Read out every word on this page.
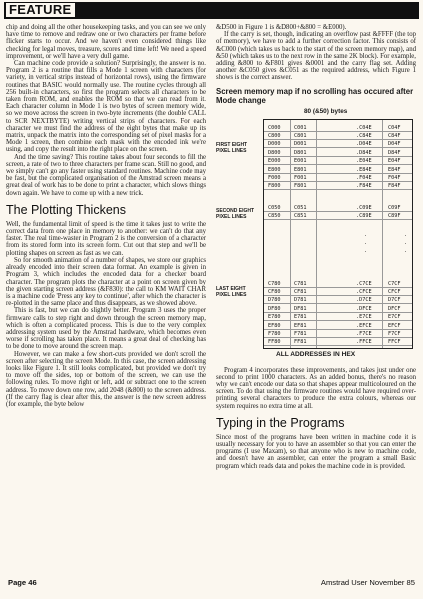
FEATURE

chip and doing all the other housekeeping tasks, and you can see we only have time to remove and redraw one or two characters per frame before flicker starts to occur. And we haven't even considered things like checking for legal moves, treasure, scores and time left! We need a speed improvement, or we'll have a very dull game.

Can machine code provide a solution? Surprisingly, the answer is no. Program 2 is a routine that fills a Mode 1 screen with characters (for variety, in vertical strips instead of horizontal rows), using the firmware routines that BASIC would normally use. The routine cycles through all 256 built-in characters, so first the program selects all characters to be taken from ROM, and enables the ROM so that we can read from it. Each character column in Mode 1 is two bytes of screen memory wide, so we move across the screen in two-byte increments (the double CALL to SCR NEXTBYTE) writing vertical strips of characters. For each character we must find the address of the eight bytes that make up its matrix, unpack the matrix into the corresponding set of pixel masks for a Mode 1 screen, then combine each mask with the encoded ink we're using, and copy the result into the right place on the screen.

And the time saving? This routine takes about four seconds to fill the screen, a rate of two to three characters per frame scan. Still no good, and we simply can't go any faster using standard routines. Machine code may be fast, but the complicated organisation of the Amstrad screen means a great deal of work has to be done to print a character, which slows things down again. We have to come up with a new trick.

The Plotting Thickens

Well, the fundamental limit of speed is the time it takes just to write the correct data from one place in memory to another: we can't do that any faster. The real time-waster in Program 2 is the conversion of a character from its stored form into its screen form. Cut out that step and we'll be plotting shapes on screen as fast as we can.

So for smooth animation of a number of shapes, we store our graphics already encoded into their screen data format. An example is given in Program 3, which includes the encoded data for a checker board character. The program plots the character at a point on screen given by the given starting screen address (&F830): the call to KM WAIT CHAR is a machine code 'Press any key to continue', after which the character is re-plotted in the same place and thus disappears, as we showed above.

This is fast, but we can do slightly better. Program 3 uses the proper firmware calls to step right and down through the screen memory map, which is often a complicated process. This is due to the very complex addressing system used by the Amstrad hardware, which becomes even worse if scrolling has taken place. It means a great deal of checking has to be done to move around the screen map.

However, we can make a few short-cuts provided we don't scroll the screen after selecting the screen Mode. In this case, the screen addressing looks like Figure 1. It still looks complicated, but provided we don't try to move off the sides, top or bottom of the screen, we can use the following rules. To move right or left, add or subtract one to the screen address. To move down one row, add 2048 (&800) to the screen address. (If the carry flag is clear after this, the answer is the new screen address (for example, the byte below

&D500 in Figure 1 is &D800+&800 = &E000).

If the carry is set, though, indicating an overflow past &FFFF (the top of memory), we have to add a further correction factor. This consists of &C000 (which takes us back to the start of the screen memory map), and &50 (which takes us to the next row in the same 2K block). For example, adding &800 to &F801 gives &0001 and the carry flag set. Adding another &C050 gives &C051 as the required address, which Figure 1 shows is the correct answer.

Screen memory map if no scrolling has occured after Mode change
80 (&50) bytes
FIRST EIGHT PIXEL LINES
SECOND EIGHT PIXEL LINES
LAST EIGHT PIXEL LINES
C000	C001	.C04E	C04F
C800	C801	.C84E	C84F
D000	D001	.D04E	D04F
D800	D801	.D84E	D84F
E000	E001	.E04E	E04F
E800	E801	.E84E	E84F
F000	F001	.F04E	F04F
F800	F801	.F84E	F84F
C050	C051	.C09E	C09F
C850	C851	.C89E	C89F
C780	C781	.C7CE	C7CF
CF80	CF81	.CFCE	CFCF
D780	D781	.D7CE	D7CF
DF80	DF81	.DFCE	DFCF
E780	E781	.E7CE	E7CF
EF80	EF81	.EFCE	EFCF
F780	F781	.F7CE	F7CF
FF80	FF81	.FFCE	FFCF
.
.
.
.
.
.
ALL ADDRESSES IN HEX

Program 4 incorporates these improvements, and takes just under one second to print 1000 characters. As an added bonus, there's no reason why we can't encode our data so that shapes appear multicoloured on the screen. To do that using the firmware routines would have required over-printing several characters to produce the extra colours, whereas our system requires no extra time at all.

Typing in the Programs

Since most of the programs have been written in machine code it is usually necessary for you to have an assembler so that you can enter the programs (I use Maxam), so that anyone who is new to machine code, and doesn't have an assembler, can enter the program a small Basic program which reads data and pokes the machine code in is provided.

Page 46	Amstrad User November 85
